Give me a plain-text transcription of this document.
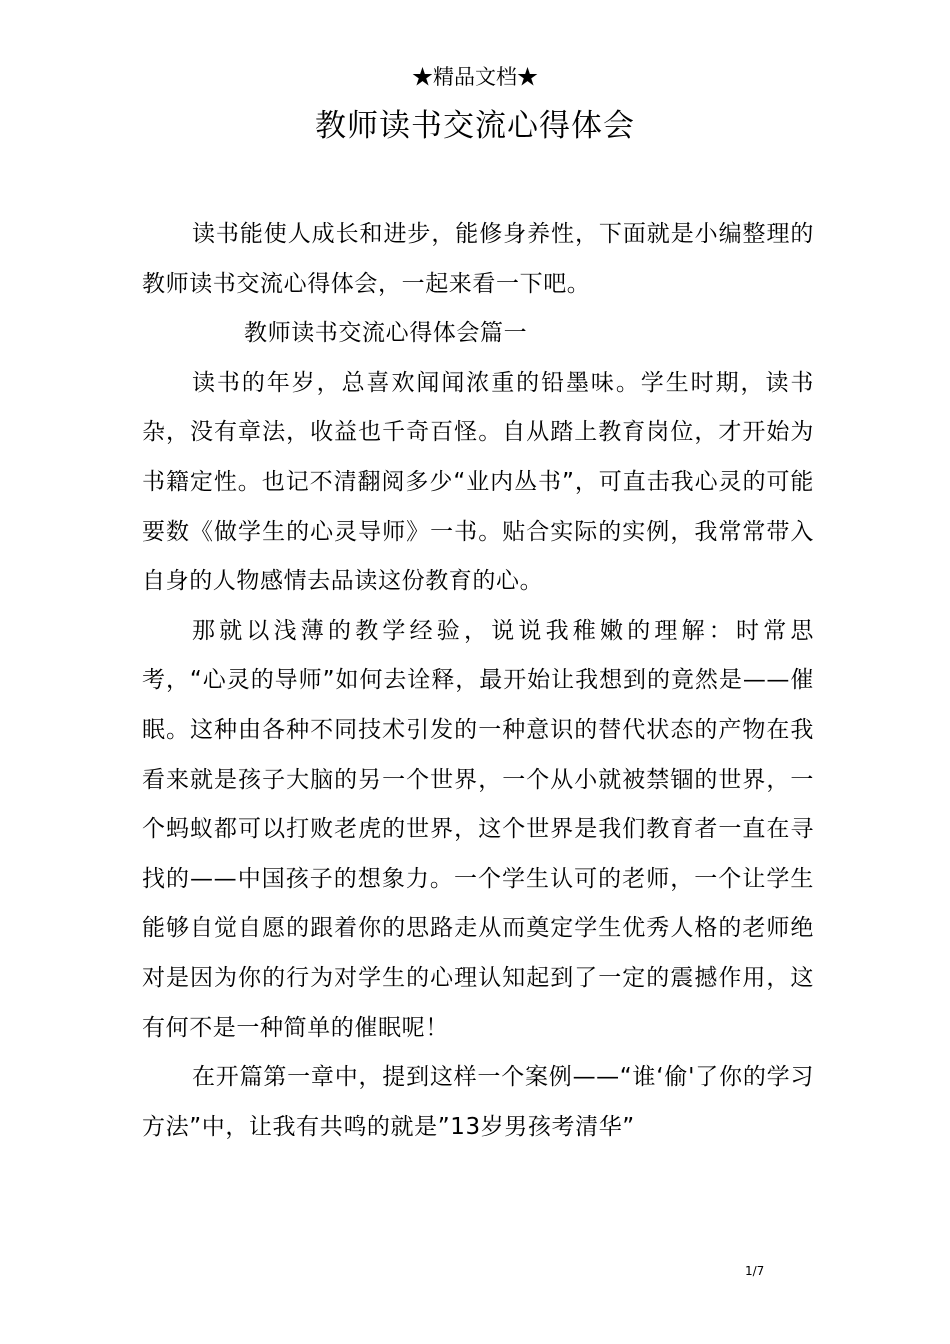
★精品文档★
教师读书交流心得体会

读书能使人成长和进步，能修身养性，下面就是小编整理的教师读书交流心得体会，一起来看一下吧。

教师读书交流心得体会篇一

读书的年岁，总喜欢闻闻浓重的铅墨味。学生时期，读书杂，没有章法，收益也千奇百怪。自从踏上教育岗位，才开始为书籍定性。也记不清翻阅多少“业内丛书”，可直击我心灵的可能要数《做学生的心灵导师》一书。贴合实际的实例，我常常带入自身的人物感情去品读这份教育的心。

那就以浅薄的教学经验，说说我稚嫩的理解：时常思考，“心灵的导师”如何去诠释，最开始让我想到的竟然是——催眠。这种由各种不同技术引发的一种意识的替代状态的产物在我看来就是孩子大脑的另一个世界，一个从小就被禁锢的世界，一个蚂蚁都可以打败老虎的世界，这个世界是我们教育者一直在寻找的——中国孩子的想象力。一个学生认可的老师，一个让学生能够自觉自愿的跟着你的思路走从而奠定学生优秀人格的老师绝对是因为你的行为对学生的心理认知起到了一定的震撼作用，这有何不是一种简单的催眠呢！

在开篇第一章中，提到这样一个案例——“谁‘偷'了你的学习方法”中，让我有共鸣的就是”13岁男孩考清华”

1/7
